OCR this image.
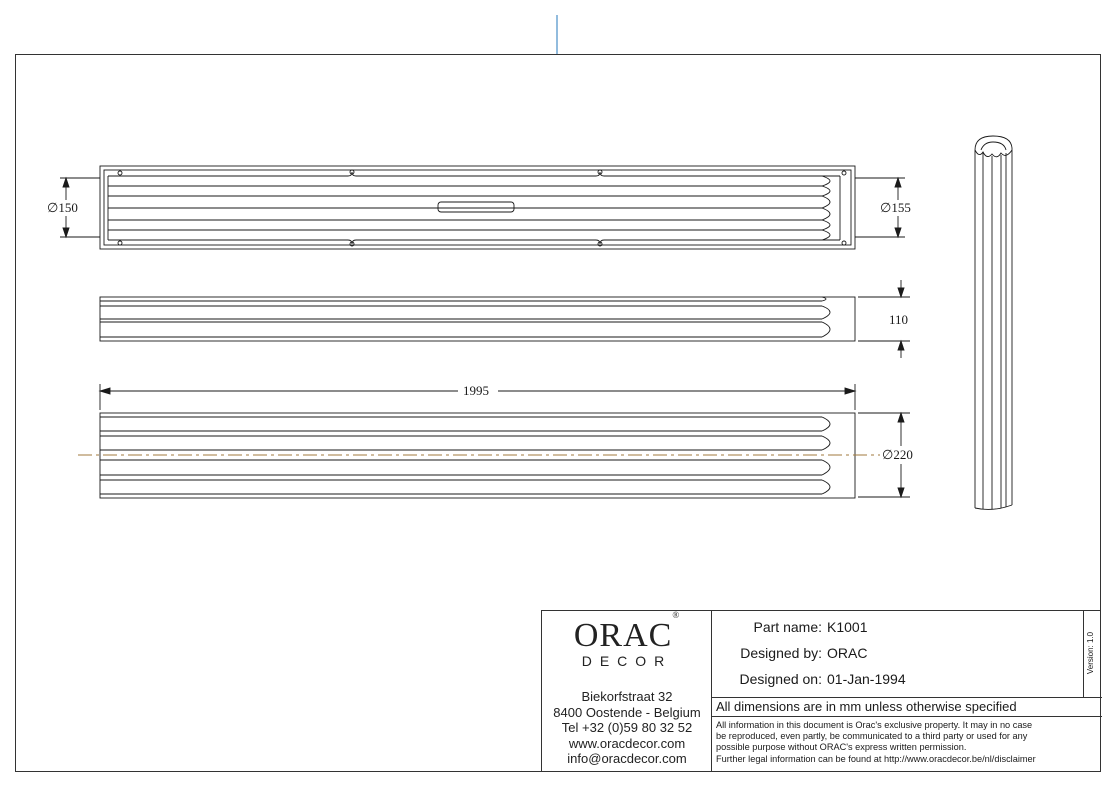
∅150	∅155
110
1995
∅220
ORAC®
DECOR
Biekorfstraat 32
8400 Oostende - Belgium
Tel +32 (0)59 80 32 52
www.oracdecor.com
info@oracdecor.com
Part name: K1001
Designed by: ORAC
Designed on: 01-Jan-1994
Version: 1.0
All dimensions are in mm unless otherwise specified
All information in this document is Orac's exclusive property. It may in no case
be reproduced, even partly, be communicated to a third party or used for any
possible purpose without ORAC's express written permission.
Further legal information can be found at http://www.oracdecor.be/nl/disclaimer
